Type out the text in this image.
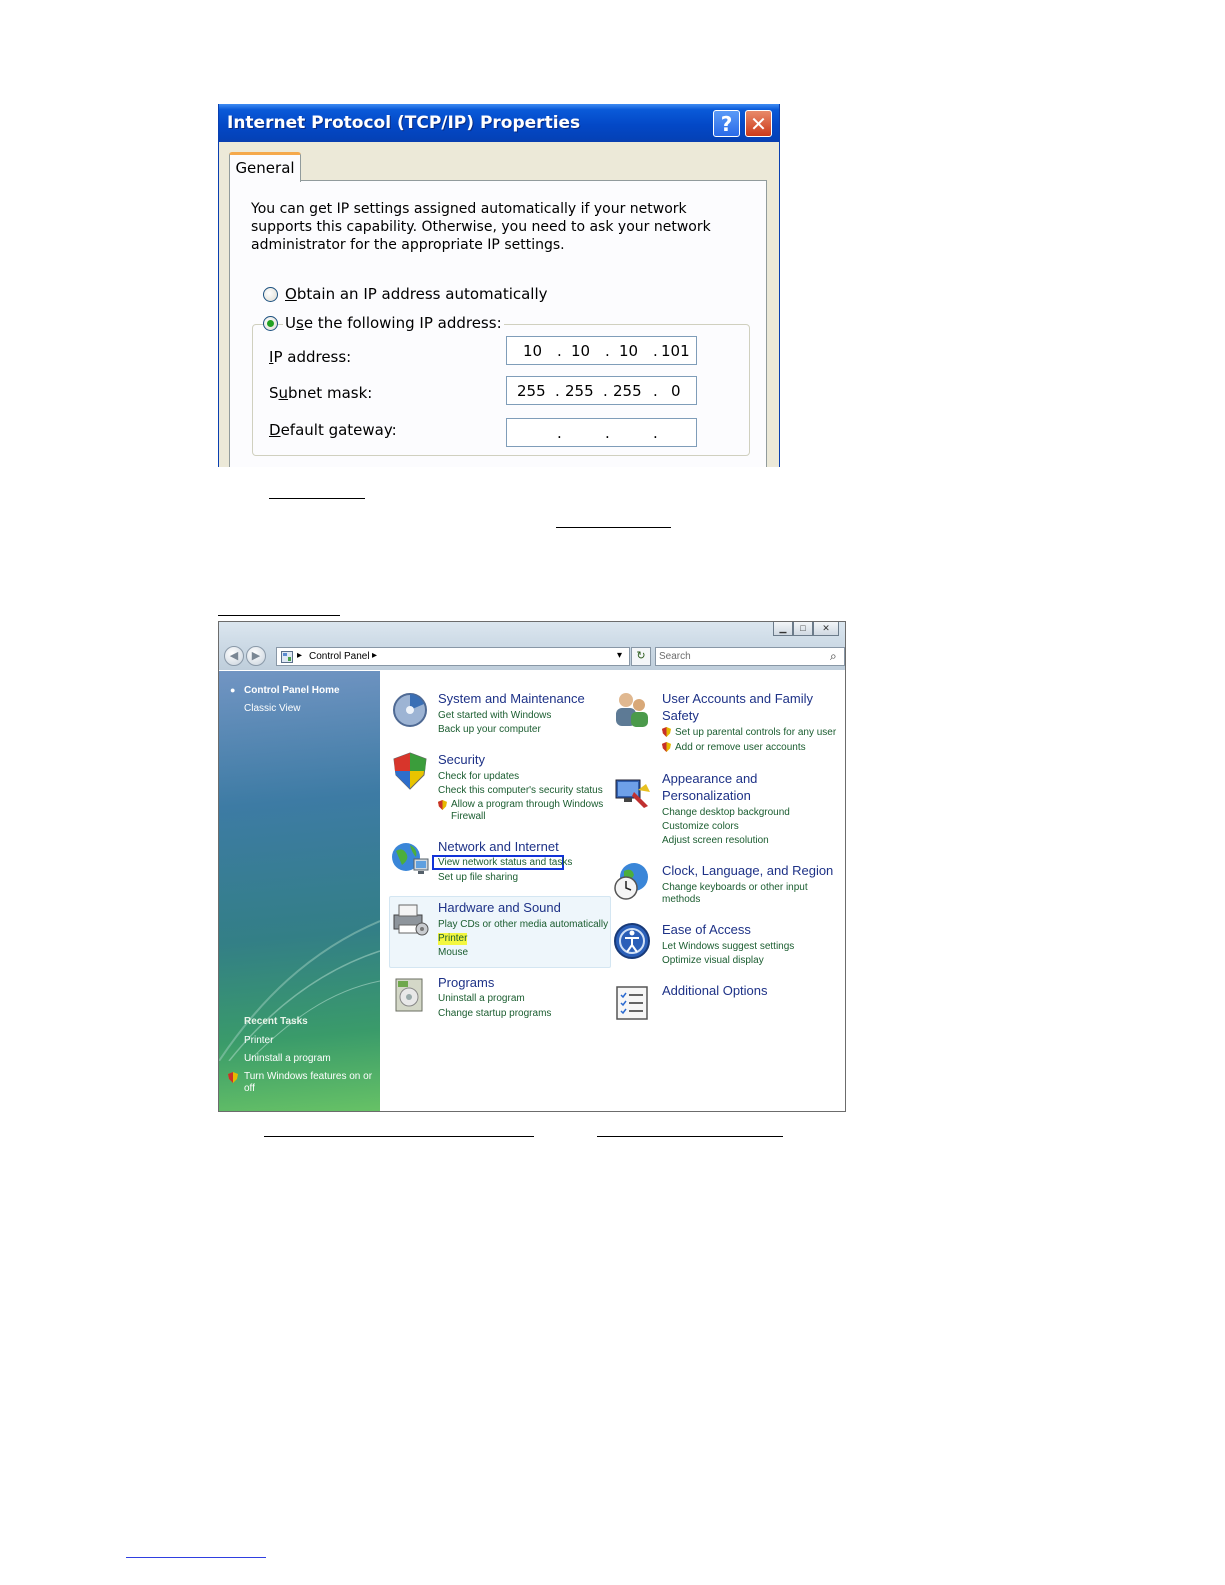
Internet Protocol (TCP/IP) Properties	? ✕
General
You can get IP settings assigned automatically if your network supports this capability. Otherwise, you need to ask your network administrator for the appropriate IP settings.
Obtain an IP address automatically
Use the following IP address:
IP address:	10 . 10 . 10 . 101
Subnet mask:	255 . 255 . 255 . 0
Default gateway:	.	.	.
▁	□	✕
◀	▶	▸ Control Panel ▸	▾	↻	Search	⌕
● Control Panel Home
Classic View
Recent Tasks
Printer
Uninstall a program
Turn Windows features on or
off
System and Maintenance
Get started with Windows
Back up your computer
Security
Check for updates
Check this computer's security status
Allow a program through Windows
Firewall
Network and Internet
View network status and tasks
Set up file sharing
Hardware and Sound
Play CDs or other media automatically
Printer
Mouse
Programs
Uninstall a program
Change startup programs
User Accounts and Family
Safety
Set up parental controls for any user
Add or remove user accounts
Appearance and
Personalization
Change desktop background
Customize colors
Adjust screen resolution
Clock, Language, and Region
Change keyboards or other input
methods
Ease of Access
Let Windows suggest settings
Optimize visual display
Additional Options
